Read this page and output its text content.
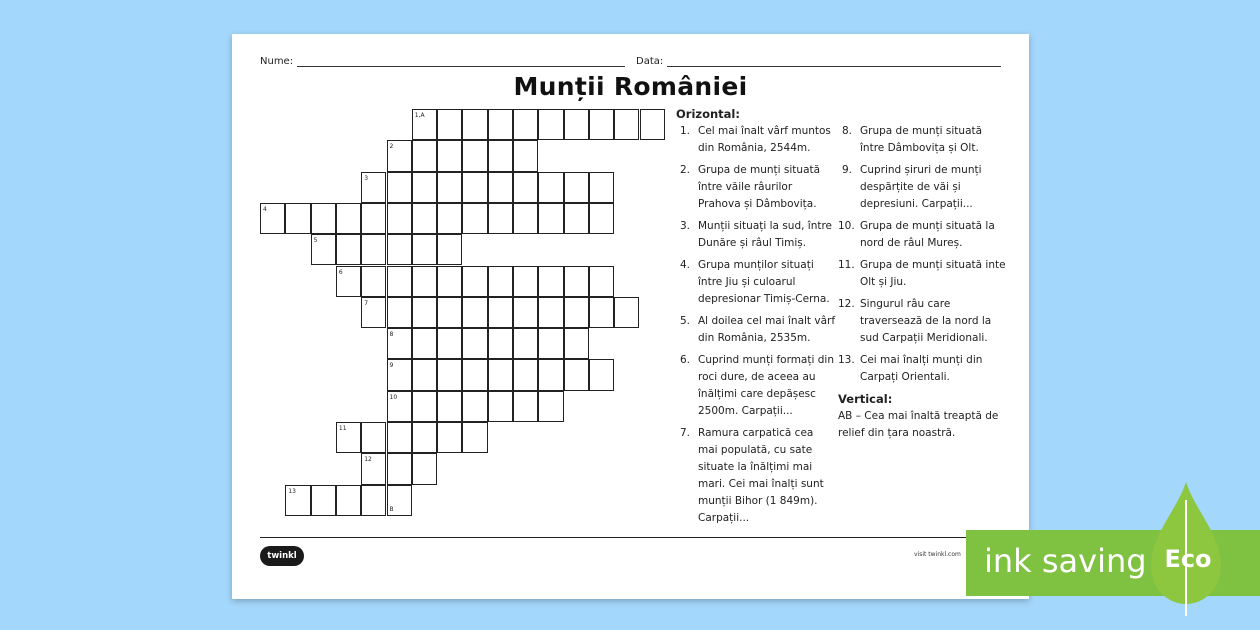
Nume:	Data:
Munții României
1,A
2
3
4
5
6
7
8
9
10
11
12
13
B
Orizontal:
1. Cel mai înalt vârf muntos din România, 2544m.
2. Grupa de munți situată între văile râurilor Prahova și Dâmbovița.
3. Munții situați la sud, între Dunăre și râul Timiș.
4. Grupa munților situați între Jiu și culoarul depresionar Timiș-Cerna.
5. Al doilea cel mai înalt vârf din România, 2535m.
6. Cuprind munți formați din roci dure, de aceea au înălțimi care depășesc 2500m. Carpații...
7. Ramura carpatică cea mai populată, cu sate situate la înălțimi mai mari. Cei mai înalți sunt munții Bihor (1 849m). Carpații...
8. Grupa de munți situată între Dâmbovița și Olt.
9. Cuprind șiruri de munți despărțite de văi și depresiuni. Carpații...
10. Grupa de munți situată la nord de râul Mureș.
11. Grupa de munți situată inte Olt și Jiu.
12. Singurul râu care traversează de la nord la sud Carpații Meridionali.
13. Cei mai înalți munți din Carpați Orientali.
Vertical:
AB – Cea mai înaltă treaptă de relief din țara noastră.
twinkl	visit twinkl.com ink saving Eco
